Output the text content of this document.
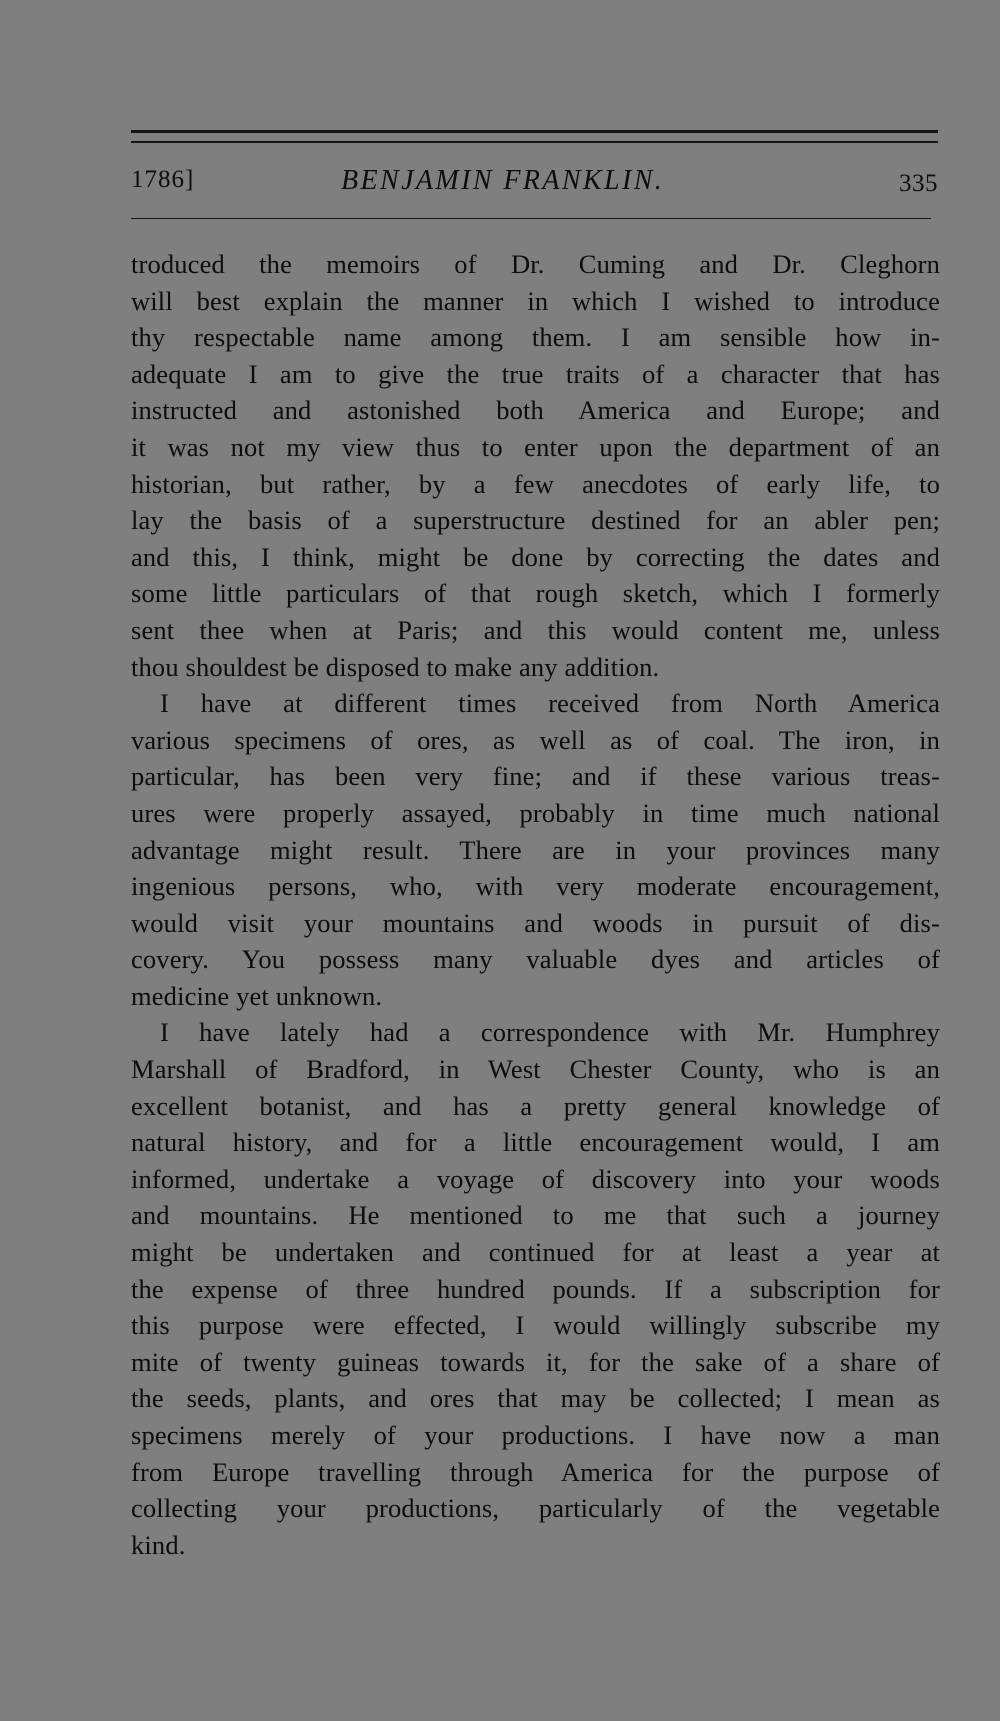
1786]	BENJAMIN FRANKLIN.	335
troduced the memoirs of Dr. Cuming and Dr. Cleghorn
will best explain the manner in which I wished to introduce
thy respectable name among them. I am sensible how in-
adequate I am to give the true traits of a character that has
instructed and astonished both America and Europe; and
it was not my view thus to enter upon the department of an
historian, but rather, by a few anecdotes of early life, to
lay the basis of a superstructure destined for an abler pen;
and this, I think, might be done by correcting the dates and
some little particulars of that rough sketch, which I formerly
sent thee when at Paris; and this would content me, unless
thou shouldest be disposed to make any addition.
I have at different times received from North America
various specimens of ores, as well as of coal. The iron, in
particular, has been very fine; and if these various treas-
ures were properly assayed, probably in time much national
advantage might result. There are in your provinces many
ingenious persons, who, with very moderate encouragement,
would visit your mountains and woods in pursuit of dis-
covery. You possess many valuable dyes and articles of
medicine yet unknown.
I have lately had a correspondence with Mr. Humphrey
Marshall of Bradford, in West Chester County, who is an
excellent botanist, and has a pretty general knowledge of
natural history, and for a little encouragement would, I am
informed, undertake a voyage of discovery into your woods
and mountains. He mentioned to me that such a journey
might be undertaken and continued for at least a year at
the expense of three hundred pounds. If a subscription for
this purpose were effected, I would willingly subscribe my
mite of twenty guineas towards it, for the sake of a share of
the seeds, plants, and ores that may be collected; I mean as
specimens merely of your productions. I have now a man
from Europe travelling through America for the purpose of
collecting your productions, particularly of the vegetable
kind.
